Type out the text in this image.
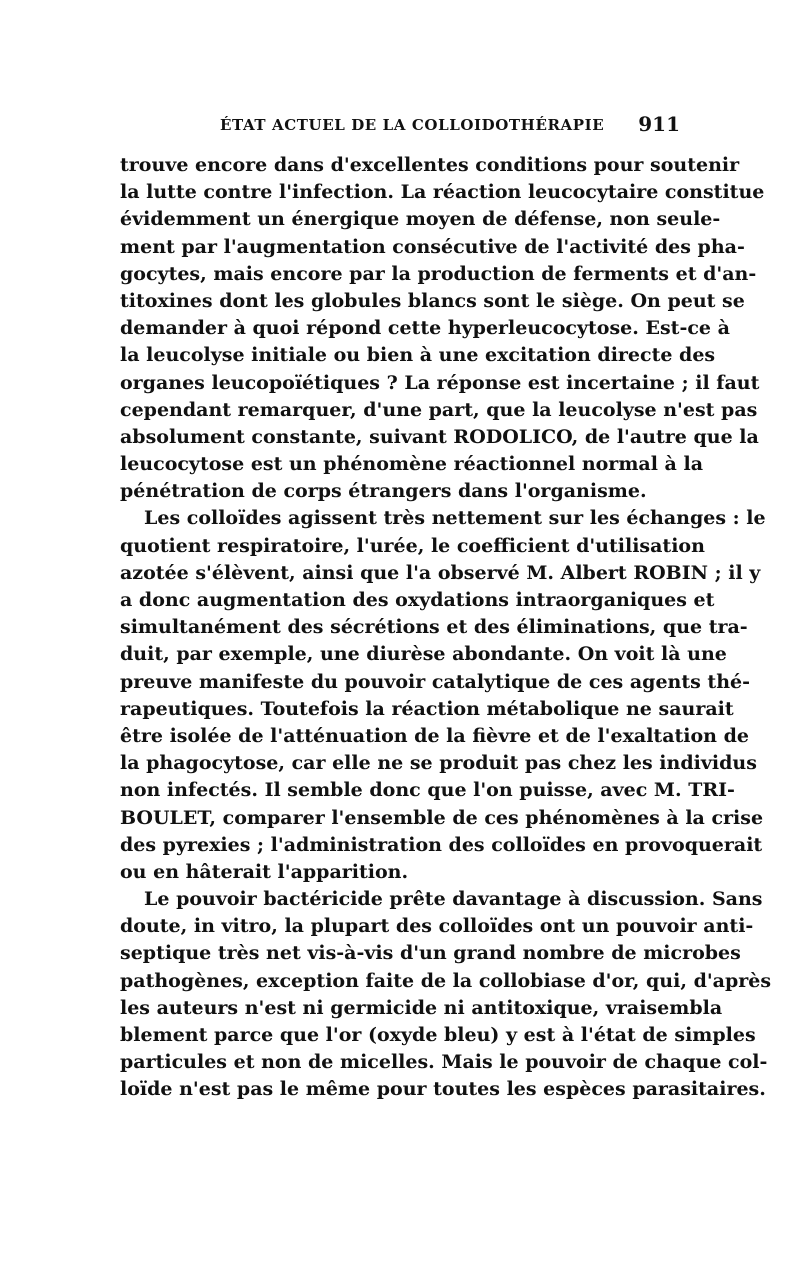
ÉTAT ACTUEL DE LA COLLOIDOTHÉRAPIE 911
trouve encore dans d'excellentes conditions pour soutenir
la lutte contre l'infection. La réaction leucocytaire constitue
évidemment un énergique moyen de défense, non seule-
ment par l'augmentation consécutive de l'activité des pha-
gocytes, mais encore par la production de ferments et d'an-
titoxines dont les globules blancs sont le siège. On peut se
demander à quoi répond cette hyperleucocytose. Est-ce à
la leucolyse initiale ou bien à une excitation directe des
organes leucopoïétiques ? La réponse est incertaine ; il faut
cependant remarquer, d'une part, que la leucolyse n'est pas
absolument constante, suivant RODOLICO, de l'autre que la
leucocytose est un phénomène réactionnel normal à la
pénétration de corps étrangers dans l'organisme.
Les colloïdes agissent très nettement sur les échanges : le
quotient respiratoire, l'urée, le coefficient d'utilisation
azotée s'élèvent, ainsi que l'a observé M. Albert ROBIN ; il y
a donc augmentation des oxydations intraorganiques et
simultanément des sécrétions et des éliminations, que tra-
duit, par exemple, une diurèse abondante. On voit là une
preuve manifeste du pouvoir catalytique de ces agents thé-
rapeutiques. Toutefois la réaction métabolique ne saurait
être isolée de l'atténuation de la fièvre et de l'exaltation de
la phagocytose, car elle ne se produit pas chez les individus
non infectés. Il semble donc que l'on puisse, avec M. TRI-
BOULET, comparer l'ensemble de ces phénomènes à la crise
des pyrexies ; l'administration des colloïdes en provoquerait
ou en hâterait l'apparition.
Le pouvoir bactéricide prête davantage à discussion. Sans
doute, in vitro, la plupart des colloïdes ont un pouvoir anti-
septique très net vis-à-vis d'un grand nombre de microbes
pathogènes, exception faite de la collobiase d'or, qui, d'après
les auteurs n'est ni germicide ni antitoxique, vraisembla
blement parce que l'or (oxyde bleu) y est à l'état de simples
particules et non de micelles. Mais le pouvoir de chaque col-
loïde n'est pas le même pour toutes les espèces parasitaires.
